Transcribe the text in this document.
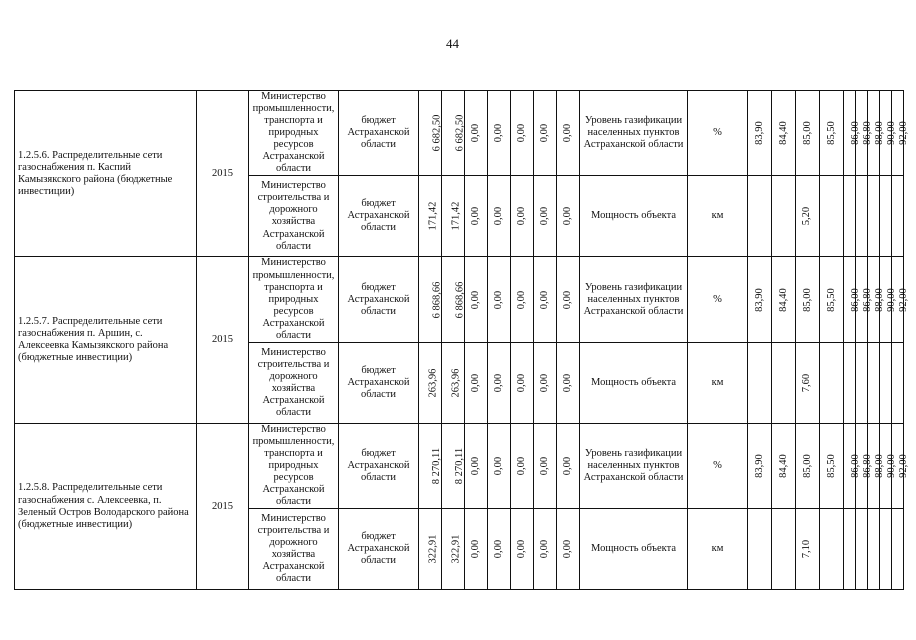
44
1.2.5.6. Распределительные сети газоснабжения п. Каспий Камызякского района (бюджетные инвестиции)	2015	Министерство промышленности, транспорта и природных ресурсов Астраханской области	бюджет Астраханской области	6 682,50	6 682,50	0,00	0,00	0,00	0,00	0,00	Уровень газификации населенных пунктов Астраханской области	%	83,90	84,40	85,00	85,50	86,00	86,80	88,00	90,00	92,00
		Министерство строительства и дорожного хозяйства Астраханской области	бюджет Астраханской области	171,42	171,42	0,00	0,00	0,00	0,00	0,00	Мощность объекта	км			5,20						
1.2.5.7. Распределительные сети газоснабжения п. Аршин, с. Алексеевка Камызякского района (бюджетные инвестиции)	2015	Министерство промышленности, транспорта и природных ресурсов Астраханской области	бюджет Астраханской области	6 868,66	6 868,66	0,00	0,00	0,00	0,00	0,00	Уровень газификации населенных пунктов Астраханской области	%	83,90	84,40	85,00	85,50	86,00	86,80	88,00	90,00	92,00
		Министерство строительства и дорожного хозяйства Астраханской области	бюджет Астраханской области	263,96	263,96	0,00	0,00	0,00	0,00	0,00	Мощность объекта	км			7,60						
1.2.5.8. Распределительные сети газоснабжения с. Алексеевка, п. Зеленый Остров Володарского района (бюджетные инвестиции)	2015	Министерство промышленности, транспорта и природных ресурсов Астраханской области	бюджет Астраханской области	8 270,11	8 270,11	0,00	0,00	0,00	0,00	0,00	Уровень газификации населенных пунктов Астраханской области	%	83,90	84,40	85,00	85,50	86,00	86,80	88,00	90,00	92,00
		Министерство строительства и дорожного хозяйства Астраханской области	бюджет Астраханской области	322,91	322,91	0,00	0,00	0,00	0,00	0,00	Мощность объекта	км			7,10						
